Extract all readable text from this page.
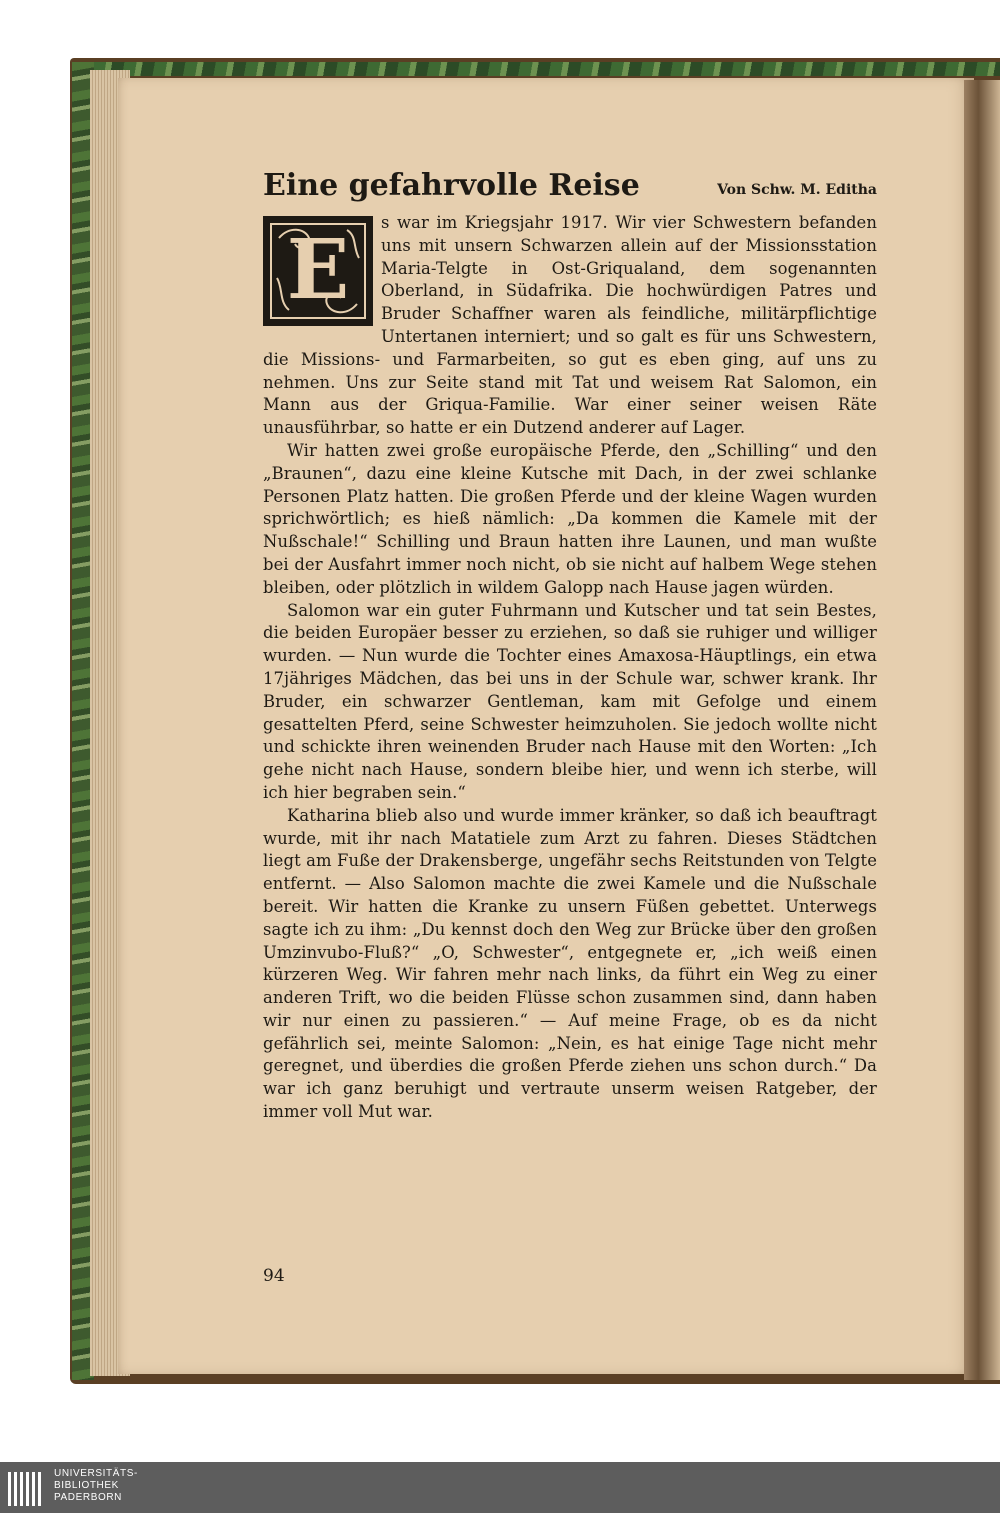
Eine gefahrvolle Reise	Von Schw. M. Editha
E	s war im Kriegsjahr 1917. Wir vier Schwestern befanden uns mit unsern Schwarzen allein auf der Missionsstation Maria-Telgte in Ost-Griqualand, dem sogenannten Oberland, in Südafrika. Die hochwürdigen Patres und Bruder Schaffner waren als feindliche, militärpflichtige Untertanen interniert; und so galt es für uns Schwestern, die Missions- und Farmarbeiten, so gut es eben ging, auf uns zu nehmen. Uns zur Seite stand mit Tat und weisem Rat Salomon, ein Mann aus der Griqua-Familie. War einer seiner weisen Räte unausführbar, so hatte er ein Dutzend anderer auf Lager.

Wir hatten zwei große europäische Pferde, den „Schilling“ und den „Braunen“, dazu eine kleine Kutsche mit Dach, in der zwei schlanke Personen Platz hatten. Die großen Pferde und der kleine Wagen wurden sprichwörtlich; es hieß nämlich: „Da kommen die Kamele mit der Nußschale!“ Schilling und Braun hatten ihre Launen, und man wußte bei der Ausfahrt immer noch nicht, ob sie nicht auf halbem Wege stehen bleiben, oder plötzlich in wildem Galopp nach Hause jagen würden.

Salomon war ein guter Fuhrmann und Kutscher und tat sein Bestes, die beiden Europäer besser zu erziehen, so daß sie ruhiger und williger wurden. — Nun wurde die Tochter eines Amaxosa-Häuptlings, ein etwa 17jähriges Mädchen, das bei uns in der Schule war, schwer krank. Ihr Bruder, ein schwarzer Gentleman, kam mit Gefolge und einem gesattelten Pferd, seine Schwester heimzuholen. Sie jedoch wollte nicht und schickte ihren weinenden Bruder nach Hause mit den Worten: „Ich gehe nicht nach Hause, sondern bleibe hier, und wenn ich sterbe, will ich hier begraben sein.“

Katharina blieb also und wurde immer kränker, so daß ich beauftragt wurde, mit ihr nach Matatiele zum Arzt zu fahren. Dieses Städtchen liegt am Fuße der Drakensberge, ungefähr sechs Reitstunden von Telgte entfernt. — Also Salomon machte die zwei Kamele und die Nußschale bereit. Wir hatten die Kranke zu unsern Füßen gebettet. Unterwegs sagte ich zu ihm: „Du kennst doch den Weg zur Brücke über den großen Umzinvubo-Fluß?“ „O, Schwester“, entgegnete er, „ich weiß einen kürzeren Weg. Wir fahren mehr nach links, da führt ein Weg zu einer anderen Trift, wo die beiden Flüsse schon zusammen sind, dann haben wir nur einen zu passieren.“ — Auf meine Frage, ob es da nicht gefährlich sei, meinte Salomon: „Nein, es hat einige Tage nicht mehr geregnet, und überdies die großen Pferde ziehen uns schon durch.“ Da war ich ganz beruhigt und vertraute unserm weisen Ratgeber, der immer voll Mut war.

94
UNIVERSITÄTS-
BIBLIOTHEK
PADERBORN
